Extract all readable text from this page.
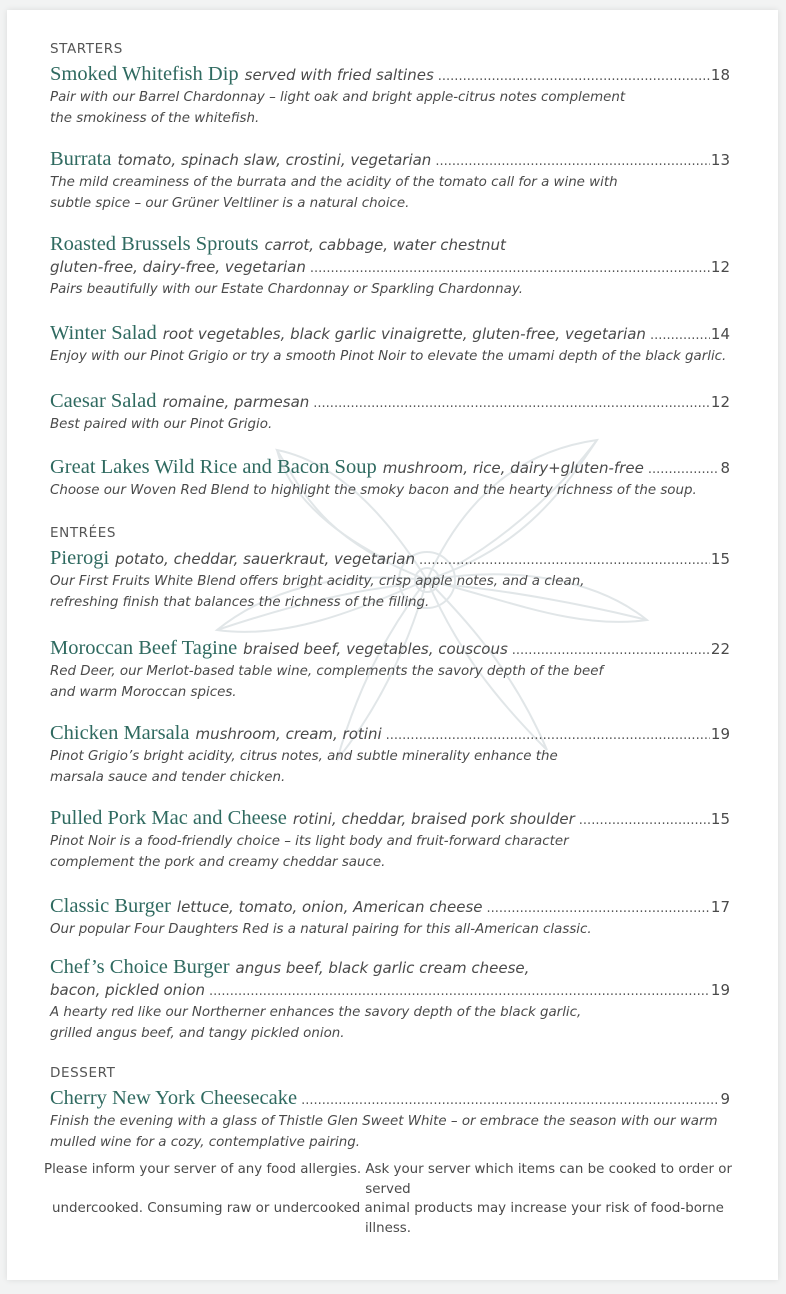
STARTERS
Smoked Whitefish Dip served with fried saltines .....	18

Pair with our Barrel Chardonnay – light oak and bright apple-citrus notes complement

the smokiness of the whitefish.

Burrata tomato, spinach slaw, crostini, vegetarian .....	13

The mild creaminess of the burrata and the acidity of the tomato call for a wine with

subtle spice – our Grüner Veltliner is a natural choice.

Roasted Brussels Sprouts carrot, cabbage, water chestnut
gluten-free, dairy-free, vegetarian .....	12

Pairs beautifully with our Estate Chardonnay or Sparkling Chardonnay.

Winter Salad root vegetables, black garlic vinaigrette, gluten-free, vegetarian .....	14

Enjoy with our Pinot Grigio or try a smooth Pinot Noir to elevate the umami depth of the black garlic.

Caesar Salad romaine, parmesan .....	12

Best paired with our Pinot Grigio.

Great Lakes Wild Rice and Bacon Soup mushroom, rice, dairy+gluten-free .....	8

Choose our Woven Red Blend to highlight the smoky bacon and the hearty richness of the soup.

ENTRÉES
Pierogi potato, cheddar, sauerkraut, vegetarian .....	15

Our First Fruits White Blend offers bright acidity, crisp apple notes, and a clean,

refreshing finish that balances the richness of the filling.

Moroccan Beef Tagine braised beef, vegetables, couscous .....	22

Red Deer, our Merlot-based table wine, complements the savory depth of the beef

and warm Moroccan spices.

Chicken Marsala mushroom, cream, rotini .....	19

Pinot Grigio’s bright acidity, citrus notes, and subtle minerality enhance the

marsala sauce and tender chicken.

Pulled Pork Mac and Cheese rotini, cheddar, braised pork shoulder .....	15

Pinot Noir is a food-friendly choice – its light body and fruit-forward character

complement the pork and creamy cheddar sauce.

Classic Burger lettuce, tomato, onion, American cheese .....	17

Our popular Four Daughters Red is a natural pairing for this all-American classic.

Chef’s Choice Burger angus beef, black garlic cream cheese,
bacon, pickled onion .....	19

A hearty red like our Northerner enhances the savory depth of the black garlic,

grilled angus beef, and tangy pickled onion.

DESSERT
Cherry New York Cheesecake .....	9

Finish the evening with a glass of Thistle Glen Sweet White – or embrace the season with our warm

mulled wine for a cozy, contemplative pairing.

Please inform your server of any food allergies. Ask your server which items can be cooked to order or served
undercooked. Consuming raw or undercooked animal products may increase your risk of food-borne illness.
